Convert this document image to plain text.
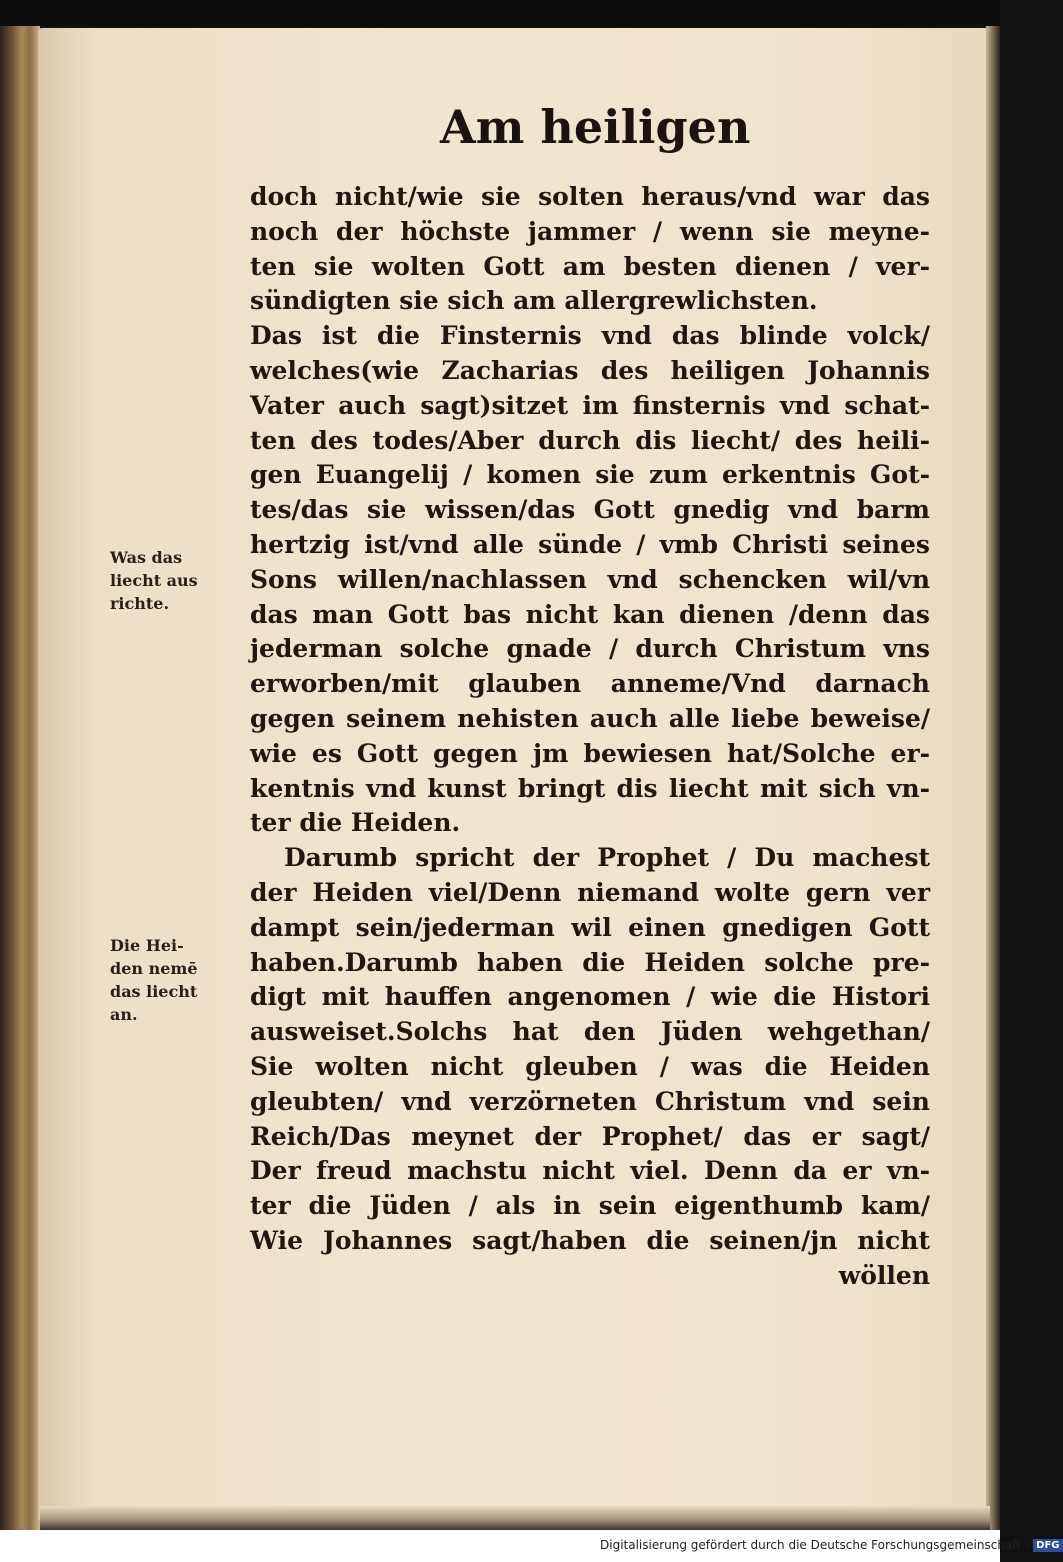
Am heiligen
doch nicht/wie sie solten heraus/vnd war das
noch der höchste jammer / wenn sie meyne-
ten sie wolten Gott am besten dienen / ver-
sündigten sie sich am allergrewlichsten.
Das ist die Finsternis vnd das blinde volck/
welches(wie Zacharias des heiligen Johannis
Vater auch sagt)sitzet im finsternis vnd schat-
ten des todes/Aber durch dis liecht/ des heili-
gen Euangelij / komen sie zum erkentnis Got-
tes/das sie wissen/das Gott gnedig vnd barm
hertzig ist/vnd alle sünde / vmb Christi seines
Sons willen/nachlassen vnd schencken wil/vn
das man Gott bas nicht kan dienen /denn das
jederman solche gnade / durch Christum vns
erworben/mit glauben anneme/Vnd darnach
gegen seinem nehisten auch alle liebe beweise/
wie es Gott gegen jm bewiesen hat/Solche er-
kentnis vnd kunst bringt dis liecht mit sich vn-
ter die Heiden.
Darumb spricht der Prophet / Du machest
der Heiden viel/Denn niemand wolte gern ver
dampt sein/jederman wil einen gnedigen Gott
haben.Darumb haben die Heiden solche pre-
digt mit hauffen angenomen / wie die Histori
ausweiset.Solchs hat den Jüden wehgethan/
Sie wolten nicht gleuben / was die Heiden
gleubten/ vnd verzörneten Christum vnd sein
Reich/Das meynet der Prophet/ das er sagt/
Der freud machstu nicht viel. Denn da er vn-
ter die Jüden / als in sein eigenthumb kam/
Wie Johannes sagt/haben die seinen/jn nicht
wöllen
Was das
liecht aus
richte.
Die Hei-
den nemē
das liecht
an.
Digitalisierung gefördert durch die Deutsche Forschungsgemeinschaft - DFG
